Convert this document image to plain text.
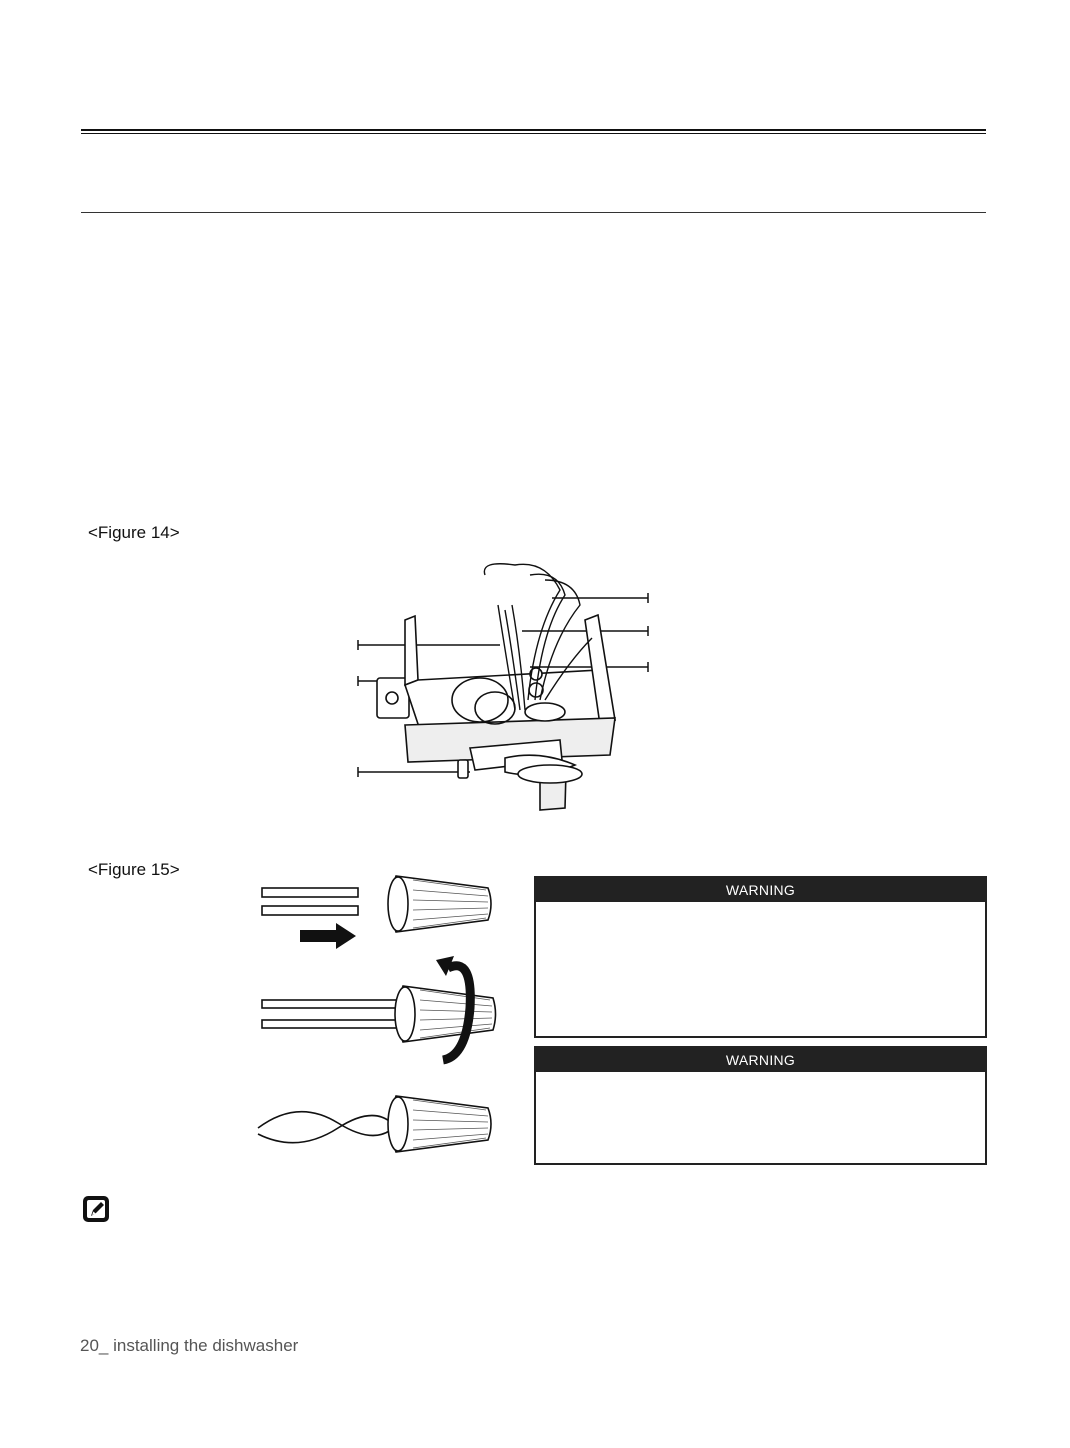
<Figure 14>
<Figure 15>
WARNING
WARNING
20_ installing the dishwasher
